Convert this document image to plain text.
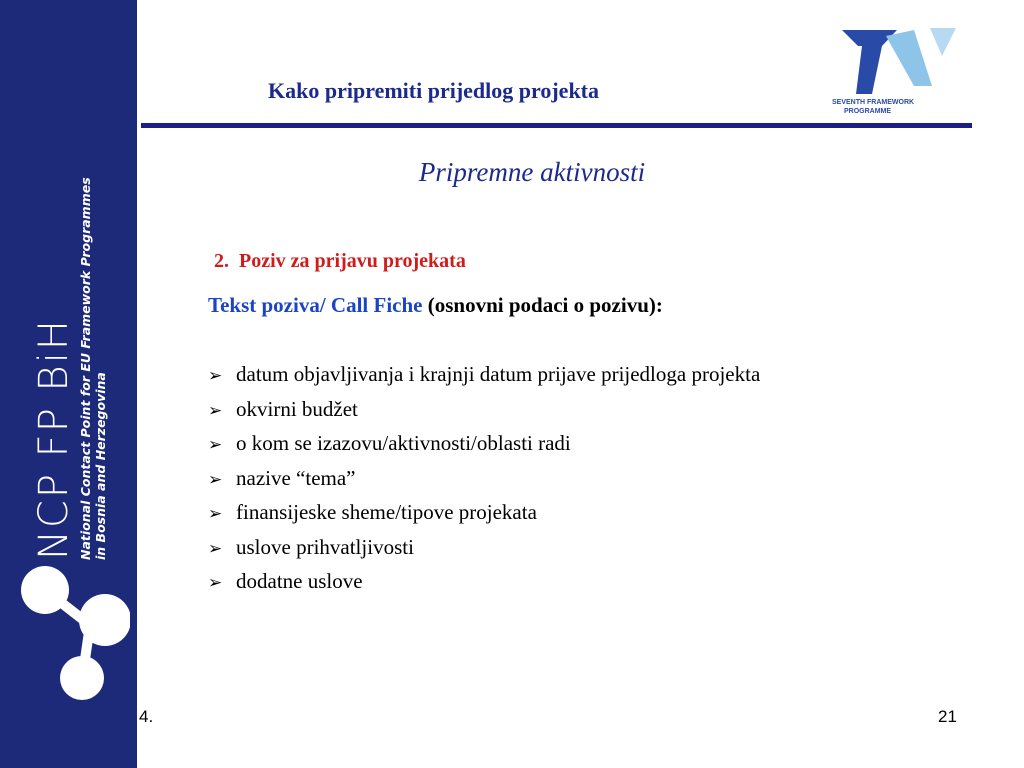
NCP FP BiH National Contact Point for EU Framework Programmes in Bosnia and Herzegovina
Kako pripremiti prijedlog projekta	SEVENTH FRAMEWORK
PROGRAMME
Pripremne aktivnosti
2. Poziv za prijavu projekata
Tekst poziva/ Call Fiche (osnovni podaci o pozivu):
➢ datum objavljivanja i krajnji datum prijave prijedloga projekta
➢ okvirni budžet
➢ o kom se izazovu/aktivnosti/oblasti radi
➢ nazive “tema”
➢ finansijeske sheme/tipove projekata
➢ uslove prihvatljivosti
➢ dodatne uslove
4.	21
